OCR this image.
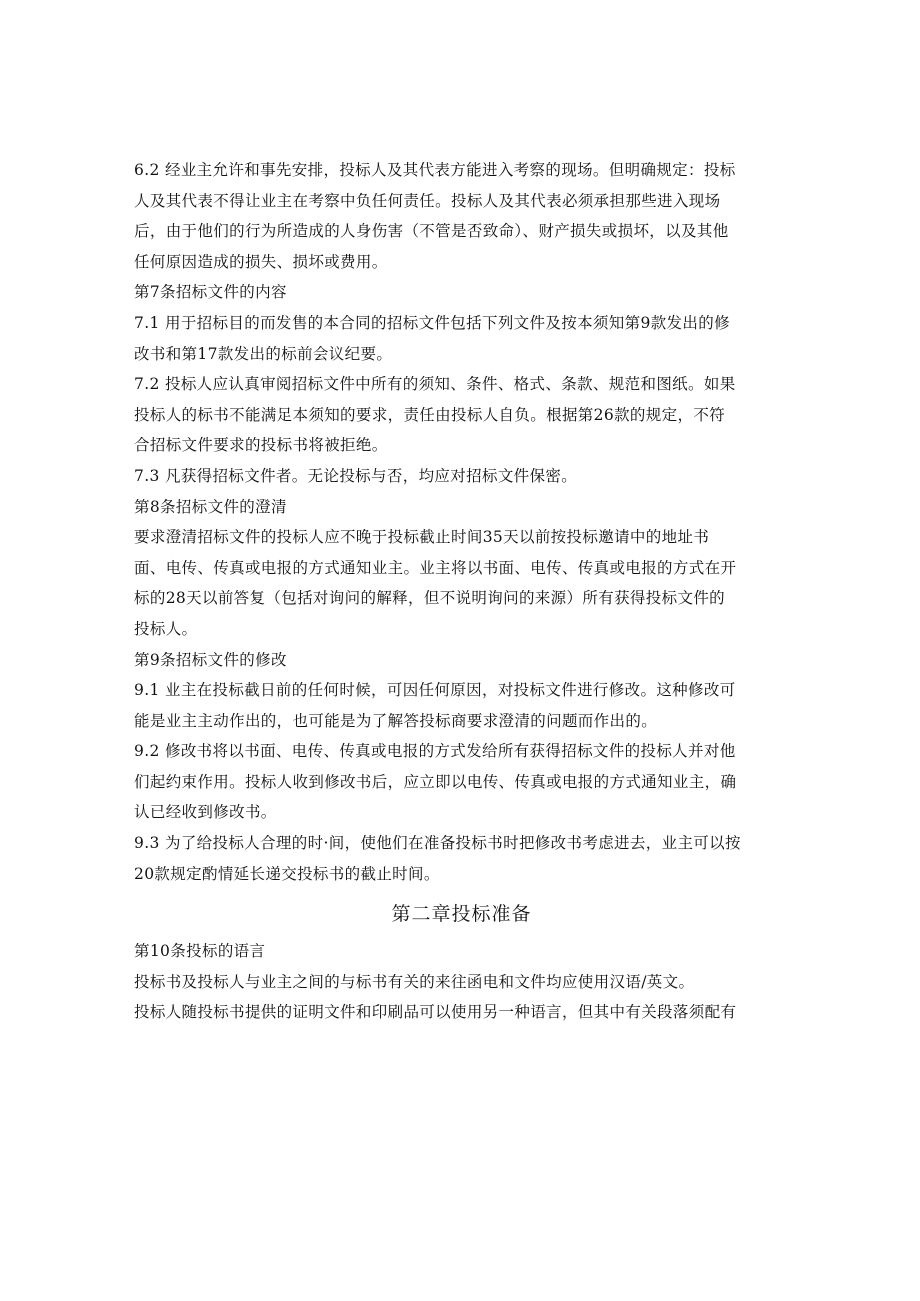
6.2 经业主允许和事先安排，投标人及其代表方能进入考察的现场。但明确规定：投标
人及其代表不得让业主在考察中负任何责任。投标人及其代表必须承担那些进入现场
后，由于他们的行为所造成的人身伤害（不管是否致命）、财产损失或损坏，以及其他
任何原因造成的损失、损坏或费用。
第7条招标文件的内容
7.1 用于招标目的而发售的本合同的招标文件包括下列文件及按本须知第9款发出的修
改书和第17款发出的标前会议纪要。
7.2 投标人应认真审阅招标文件中所有的须知、条件、格式、条款、规范和图纸。如果
投标人的标书不能满足本须知的要求，责任由投标人自负。根据第26款的规定，不符
合招标文件要求的投标书将被拒绝。
7.3 凡获得招标文件者。无论投标与否，均应对招标文件保密。
第8条招标文件的澄清
要求澄清招标文件的投标人应不晚于投标截止时间35天以前按投标邀请中的地址书
面、电传、传真或电报的方式通知业主。业主将以书面、电传、传真或电报的方式在开
标的28天以前答复（包括对询问的解释，但不说明询问的来源）所有获得投标文件的
投标人。
第9条招标文件的修改
9.1 业主在投标截日前的任何时候，可因任何原因，对投标文件进行修改。这种修改可
能是业主主动作出的，也可能是为了解答投标商要求澄清的问题而作出的。
9.2 修改书将以书面、电传、传真或电报的方式发给所有获得招标文件的投标人并对他
们起约束作用。投标人收到修改书后，应立即以电传、传真或电报的方式通知业主，确
认已经收到修改书。
9.3 为了给投标人合理的时·间，使他们在准备投标书时把修改书考虑进去，业主可以按
20款规定酌情延长递交投标书的截止时间。
第二章投标准备
第10条投标的语言
投标书及投标人与业主之间的与标书有关的来往函电和文件均应使用汉语/英文。
投标人随投标书提供的证明文件和印刷品可以使用另一种语言，但其中有关段落须配有
